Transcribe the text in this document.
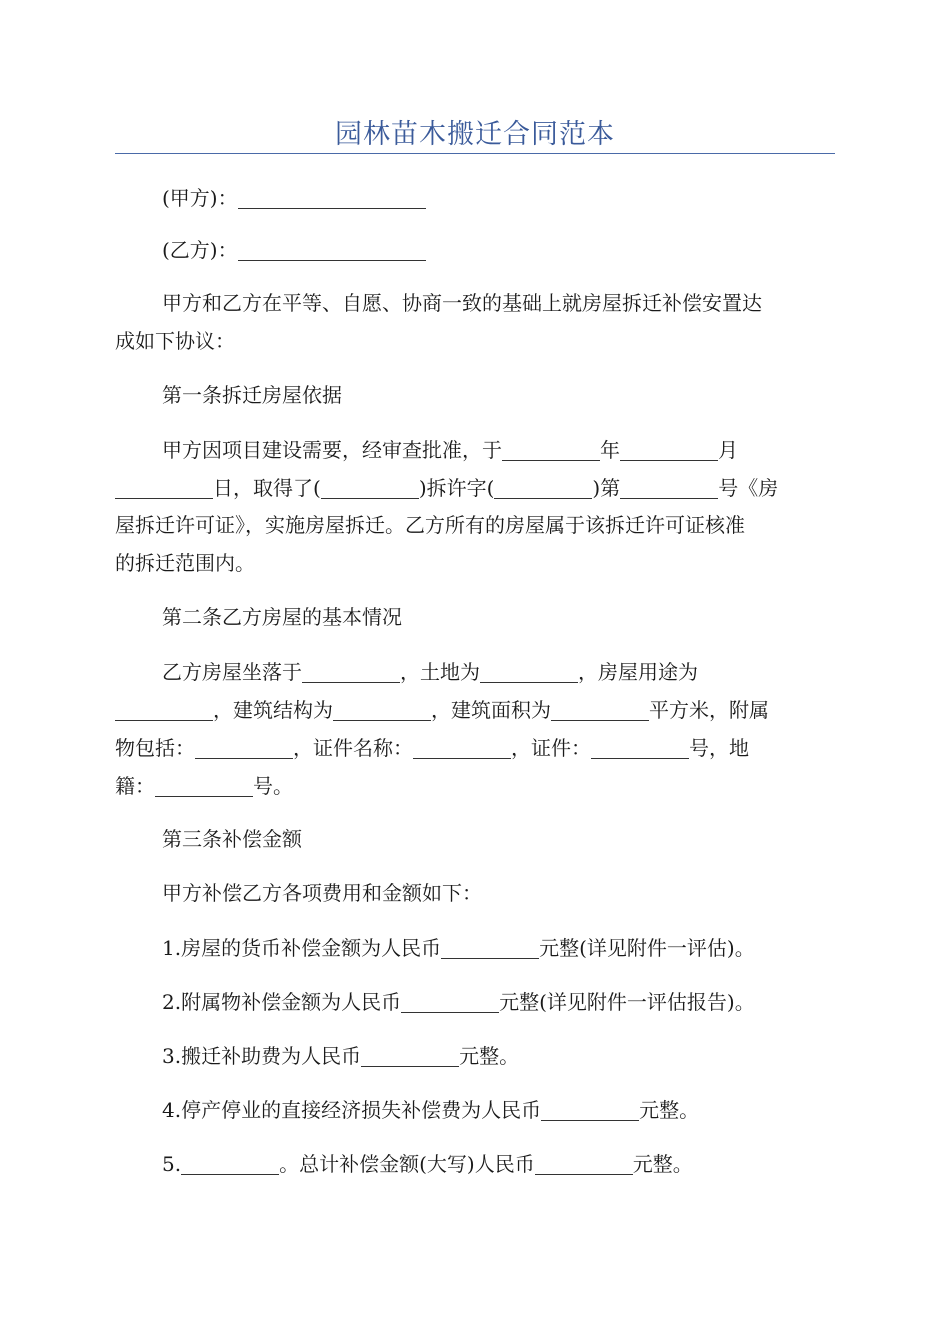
园林苗木搬迁合同范本
(甲方)：
(乙方)：
甲方和乙方在平等、自愿、协商一致的基础上就房屋拆迁补偿安置达
成如下协议：
第一条拆迁房屋依据
甲方因项目建设需要，经审查批准，于	年	月
日，取得了(	)拆许字(	)第	号《房
屋拆迁许可证》，实施房屋拆迁。乙方所有的房屋属于该拆迁许可证核准
的拆迁范围内。
第二条乙方房屋的基本情况
乙方房屋坐落于	，土地为	，房屋用途为
，建筑结构为	，建筑面积为	平方米，附属
物包括：	，证件名称：	，证件：	号，地
籍：	号。
第三条补偿金额
甲方补偿乙方各项费用和金额如下：
1.房屋的货币补偿金额为人民币	元整(详见附件一评估)。
2.附属物补偿金额为人民币	元整(详见附件一评估报告)。
3.搬迁补助费为人民币	元整。
4.停产停业的直接经济损失补偿费为人民币	元整。
5.	。总计补偿金额(大写)人民币	元整。
